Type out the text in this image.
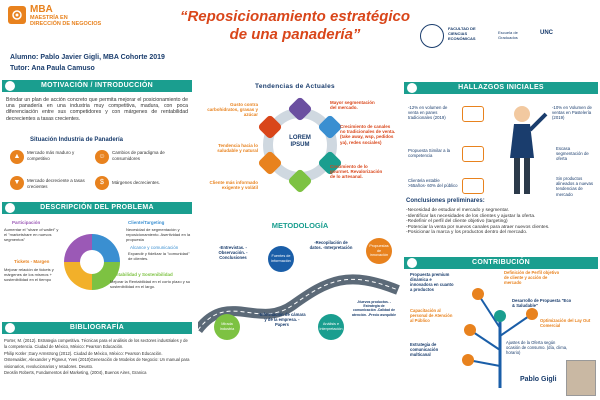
MBA
MAESTRÍA EN
DIRECCIÓN DE NEGOCIOS	“Reposicionamiento estratégico
de una panadería”
Alumno: Pablo Javier Gigli, MBA Cohorte 2019
Tutor: Ana Paula Camuso
FACULTAD DE CIENCIAS ECONÓMICAS
Escuela de Graduados
UNC
MOTIVACIÓN / INTRODUCCIÓN
Brindar un plan de acción concreto que permita mejorar el posicionamiento de una panadería en una industria muy competitiva, madura, con poca diferenciación entre sus competidores y con márgenes de rentabilidad decrecientes a tasas crecientes.
Situación Industria de Panadería
▲
Mercado más maduro y competitivo	☺
Cambios de paradigma de consumidores
▼	Mercado decreciente a tasas crecientes	$	Márgenes decrecientes.
DESCRIPCIÓN DEL PROBLEMA
Participación
Aumentar el "share of wallet" y el "marketshare en nuevos segmentos"
Tickets - Margen
Mejorar relación de tickets y márgenes de los mismos + sostenibilidad en el tiempo
Cliente/Targeting
Necesidad de segmentación y reposicionamiento. Asertividad en la propuesta
Alcance y comunicación
Expandir y fidelizar la "comunidad" de clientes.
Rentabilidad y Sostenibilidad
Mejorar la Rentabilidad en el corto plazo y su sostenibilidad en el largo.
BIBLIOGRAFÍA
Porter, M. (2012). Estrategia competitiva. Técnicas para el análisis de los sectores industriales y de la competencia. Ciudad de México, México: Pearson Educación.
Philip Kotler ;Gary Armstrong (2012). Ciudad de México, México: Pearson Educación.
Osterwalder, Alexander y Pigneur, Yves (2010)Generación de Modelos de Negocio: Un manual para visionarios, revolucionarios y retadores. Deusto.
Deoslin Roberts, Fundamentos del Marketing, (2004), Buenos Aires, Granica
Tendencias de Actuales
LOREM
IPSUM
Gusto contra carbohidratos, grasas y azúcar
Mayor segmentación del mercado.
Tendencia hacia lo saludable y natural
Crecimiento de canales no tradicionales de venta. (take away, wsp, pedidos ya), redes sociales)
Cliente más informado exigente y volátil
Crecimiento de lo gourmet. Revalorización de lo artesanal.
METODOLOGÍA
-Entrevistas. -Observación. -Conclusiones	Fuentes de información
-Recopilación de datos. -Interpretación	Propuestas de innovación
Mirada Industria
-Información de cámara y de la empresa. -Papers	Análisis e interpretación
-Nuevos productos. -Estrategia de comunicación -Calidad de atención. -Precio asequible
HALLAZGOS INICIALES
-12% en volumen de venta en panes tradicionales (2019)
-10% en Volumen de ventas en Pastelería (2019)
Propuesta Similar a la competencia
Escasa segmentación de oferta
Clientela estable >55años- 60% del público
Sin productos alineados a nuevas tendencias de mercado
Conclusiones preliminares:
-Necesidad de estudiar el mercado y segmentar.
-Identificar las necesidades de los clientes y ajustar la oferta.
-Redefinir el perfil del cliente objetivo (targeting)
-Potenciar la venta por nuevos canales para atraer nuevos clientes.
-Posicionar la marca y los productos dentro del mercado.
CONTRIBUCIÓN
Propuesta premium dinámica e innovadora en cuanto a productos
Definición de Perfil objetivo de cliente y acción de mercado
Desarrollo de Propuesta "Eco & Saludable"
Capacitación al personal de Atención al Público	Optimización del Lay Out Comercial
Ajustes de la Oferta según ocasión de consumo. (día, clima, horario)
Estrategia de comunicación multicanal
Pablo Gigli
